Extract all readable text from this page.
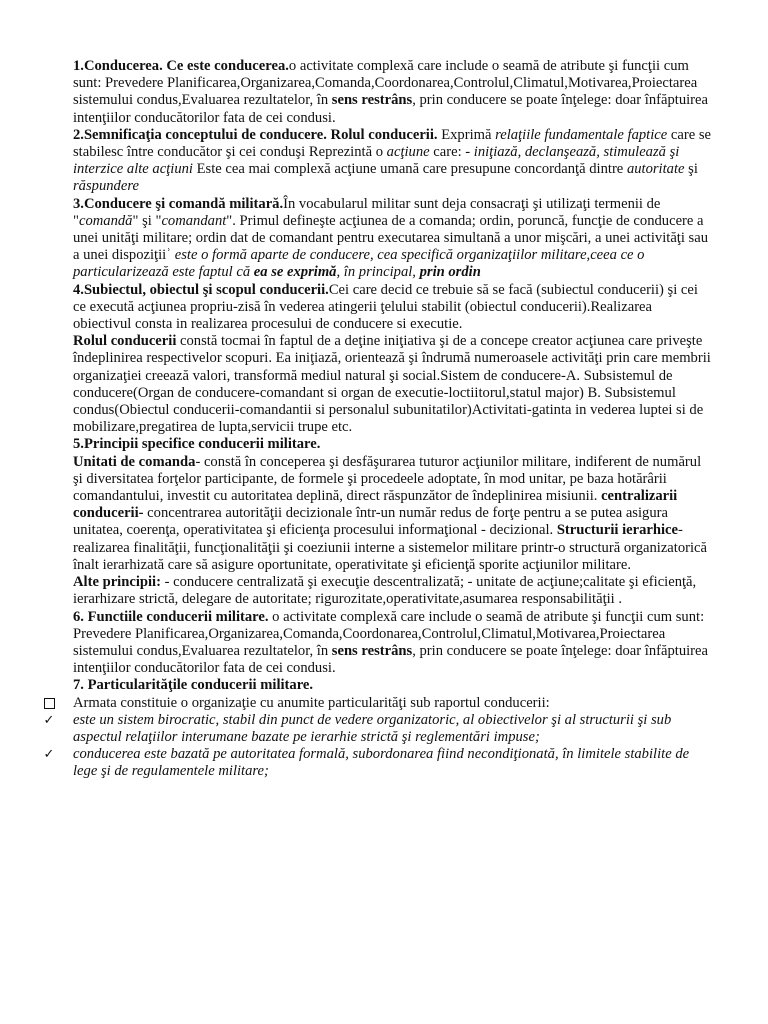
1.Conducerea. Ce este conducerea.o activitate complexă care include o seamă de atribute şi funcţii cum sunt: Prevedere Planificarea,Organizarea,Comanda,Coordonarea,Controlul,Climatul,Motivarea,Proiectarea sistemului condus,Evaluarea rezultatelor, în sens restrâns, prin conducere se poate înţelege: doar înfăptuirea intenţiilor conducătorilor fata de cei condusi.

2.Semnificaţia conceptului de conducere. Rolul conducerii. Exprimă relaţiile fundamentale faptice care se stabilesc între conducător şi cei conduşi Reprezintă o acţiune care: - iniţiază, declanşează, stimulează şi interzice alte acţiuni Este cea mai complexă acţiune umană care presupune concordanţă dintre autoritate şi răspundere

3.Conducere şi comandă militară.În vocabularul militar sunt deja consacraţi şi utilizaţi termenii de "comandă" şi "comandant". Primul defineşte acţiunea de a comanda; ordin, poruncă, funcţie de conducere a unei unităţi militare; ordin dat de comandant pentru executarea simultană a unor mişcări, a unei activităţi sau a unei dispoziţiiʾ este o formă aparte de conducere, cea specifică organizaţiilor militare,ceea ce o particularizează este faptul că ea se exprimă, în principal, prin ordin

4.Subiectul, obiectul şi scopul conducerii.Cei care decid ce trebuie să se facă (subiectul conducerii) şi cei ce execută acţiunea propriu-zisă în vederea atingerii ţelului stabilit (obiectul conducerii).Realizarea obiectivul consta in realizarea procesului de conducere si executie.

Rolul conducerii constă tocmai în faptul de a deţine iniţiativa şi de a concepe creator acţiunea care priveşte îndeplinirea respectivelor scopuri. Ea iniţiază, orientează şi îndrumă numeroasele activităţi prin care membrii organizaţiei creează valori, transformă mediul natural şi social.Sistem de conducere-A. Subsistemul de conducere(Organ de conducere-comandant si organ de executie-loctiitorul,statul major) B. Subsistemul condus(Obiectul conducerii-comandantii si personalul subunitatilor)Activitati-gatinta in vederea luptei si de mobilizare,pregatirea de lupta,servicii trupe etc.

5.Principii specifice conducerii militare.

Unitati de comanda- constă în conceperea şi desfăşurarea tuturor acţiunilor militare, indiferent de numărul şi diversitatea forţelor participante, de formele şi procedeele adoptate, în mod unitar, pe baza hotărârii comandantului, investit cu autoritatea deplină, direct răspunzător de îndeplinirea misiunii. centralizarii conducerii- concentrarea autorităţii decizionale într-un număr redus de forţe pentru a se putea asigura unitatea, coerenţa, operativitatea şi eficienţa procesului informaţional - decizional. Structurii ierarhice- realizarea finalităţii, funcţionalităţii şi coeziunii interne a sistemelor militare printr-o structură organizatorică înalt ierarhizată care să asigure oportunitate, operativitate şi eficienţă sporite acţiunilor militare.

Alte principii: - conducere centralizată şi execuţie descentralizată; - unitate de acţiune;calitate şi eficienţă, ierarhizare strictă, delegare de autoritate; rigurozitate,operativitate,asumarea responsabilităţii .

6. Functiile conducerii militare. o activitate complexă care include o seamă de atribute şi funcţii cum sunt: Prevedere Planificarea,Organizarea,Comanda,Coordonarea,Controlul,Climatul,Motivarea,Proiectarea sistemului condus,Evaluarea rezultatelor, în sens restrâns, prin conducere se poate înţelege: doar înfăptuirea intenţiilor conducătorilor fata de cei condusi.

7. Particularităţile conducerii militare.

Armata constituie o organizaţie cu anumite particularităţi sub raportul conducerii:
✓ este un sistem birocratic, stabil din punct de vedere organizatoric, al obiectivelor şi al structurii şi sub aspectul relaţiilor interumane bazate pe ierarhie strictă şi reglementări impuse;
✓ conducerea este bazată pe autoritatea formală, subordonarea fiind necondiţionată, în limitele stabilite de lege şi de regulamentele militare;
